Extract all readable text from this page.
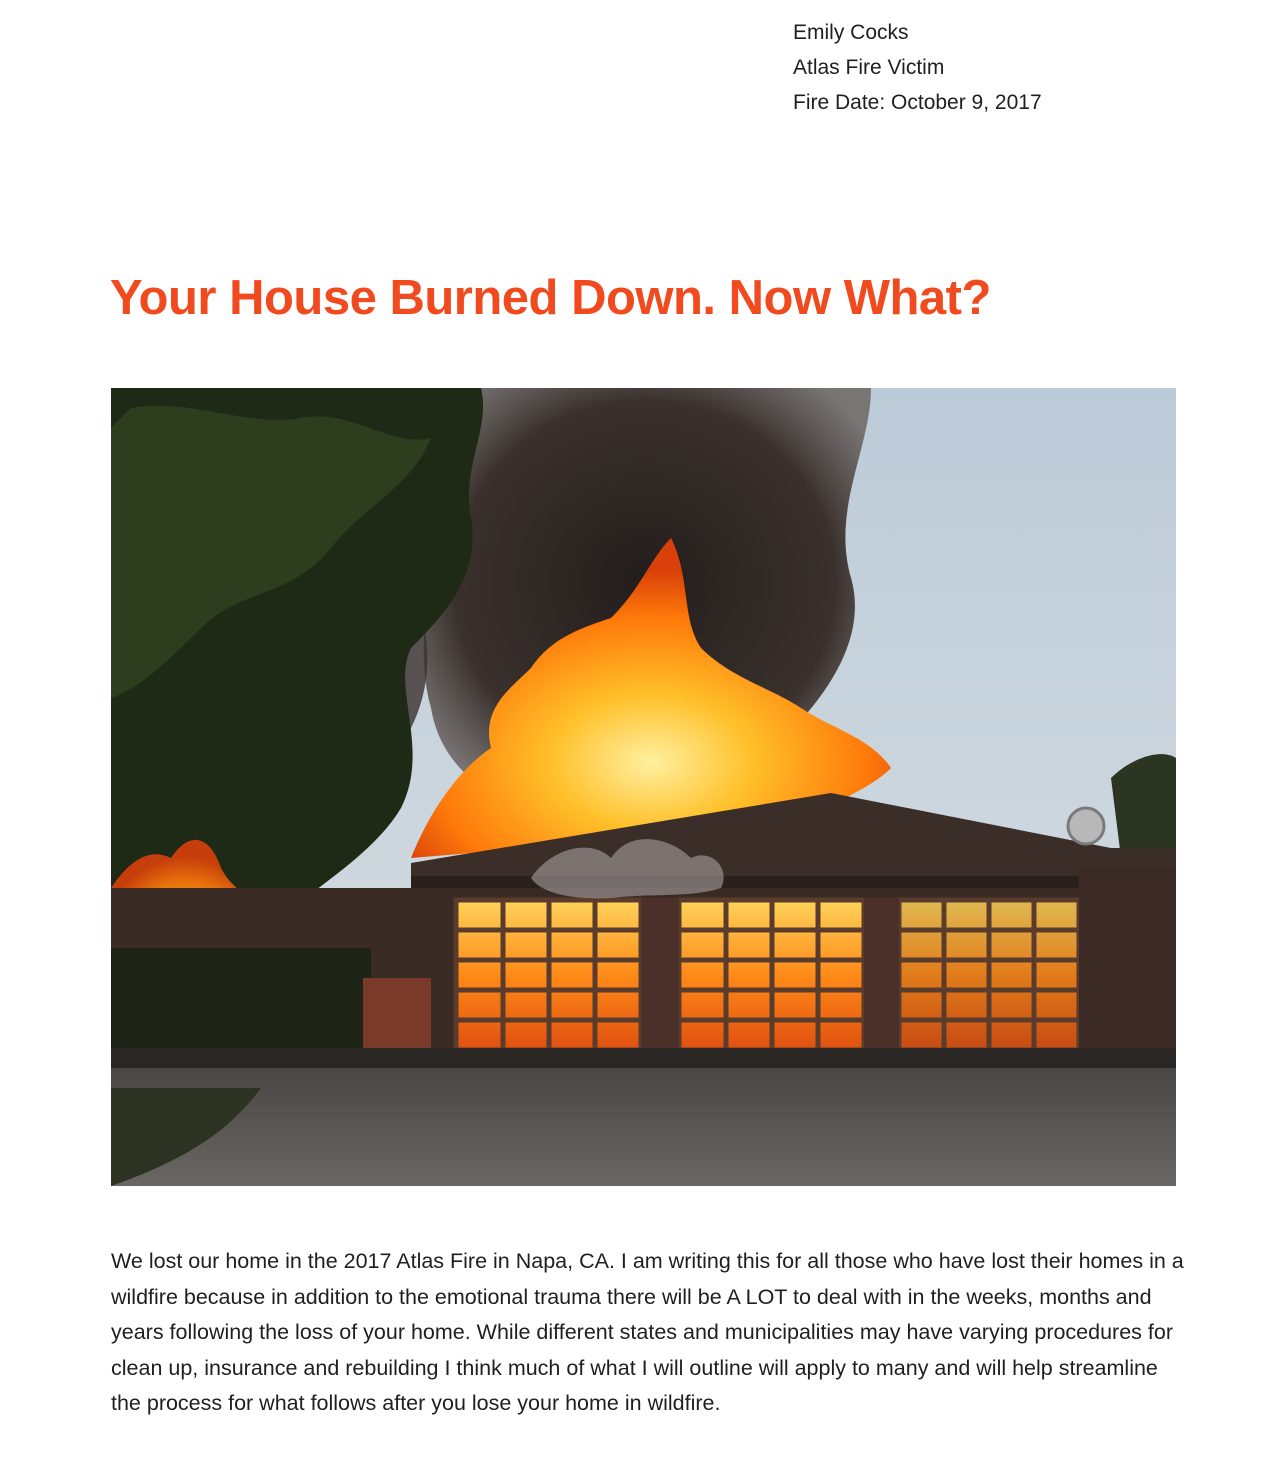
Emily Cocks
Atlas Fire Victim
Fire Date: October 9, 2017
Your House Burned Down. Now What?

We lost our home in the 2017 Atlas Fire in Napa, CA. I am writing this for all those who have lost their homes in a wildfire because in addition to the emotional trauma there will be A LOT to deal with in the weeks, months and years following the loss of your home. While different states and municipalities may have varying procedures for clean up, insurance and rebuilding I think much of what I will outline will apply to many and will help streamline the process for what follows after you lose your home in wildfire.
